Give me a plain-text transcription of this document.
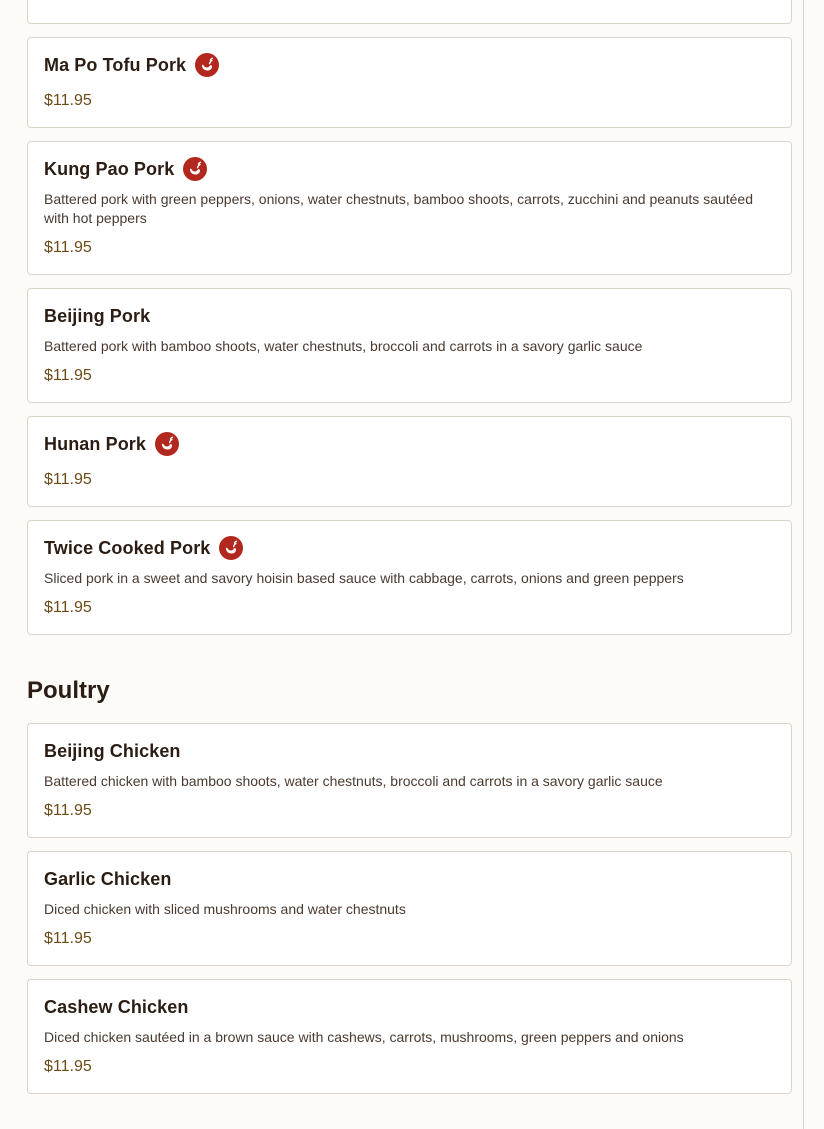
Ma Po Tofu Pork
$11.95
Kung Pao Pork
Battered pork with green peppers, onions, water chestnuts, bamboo shoots, carrots, zucchini and peanuts sautéed with hot peppers
$11.95
Beijing Pork
Battered pork with bamboo shoots, water chestnuts, broccoli and carrots in a savory garlic sauce
$11.95
Hunan Pork
$11.95
Twice Cooked Pork
Sliced pork in a sweet and savory hoisin based sauce with cabbage, carrots, onions and green peppers
$11.95
Poultry
Beijing Chicken
Battered chicken with bamboo shoots, water chestnuts, broccoli and carrots in a savory garlic sauce
$11.95
Garlic Chicken
Diced chicken with sliced mushrooms and water chestnuts
$11.95
Cashew Chicken
Diced chicken sautéed in a brown sauce with cashews, carrots, mushrooms, green peppers and onions
$11.95
